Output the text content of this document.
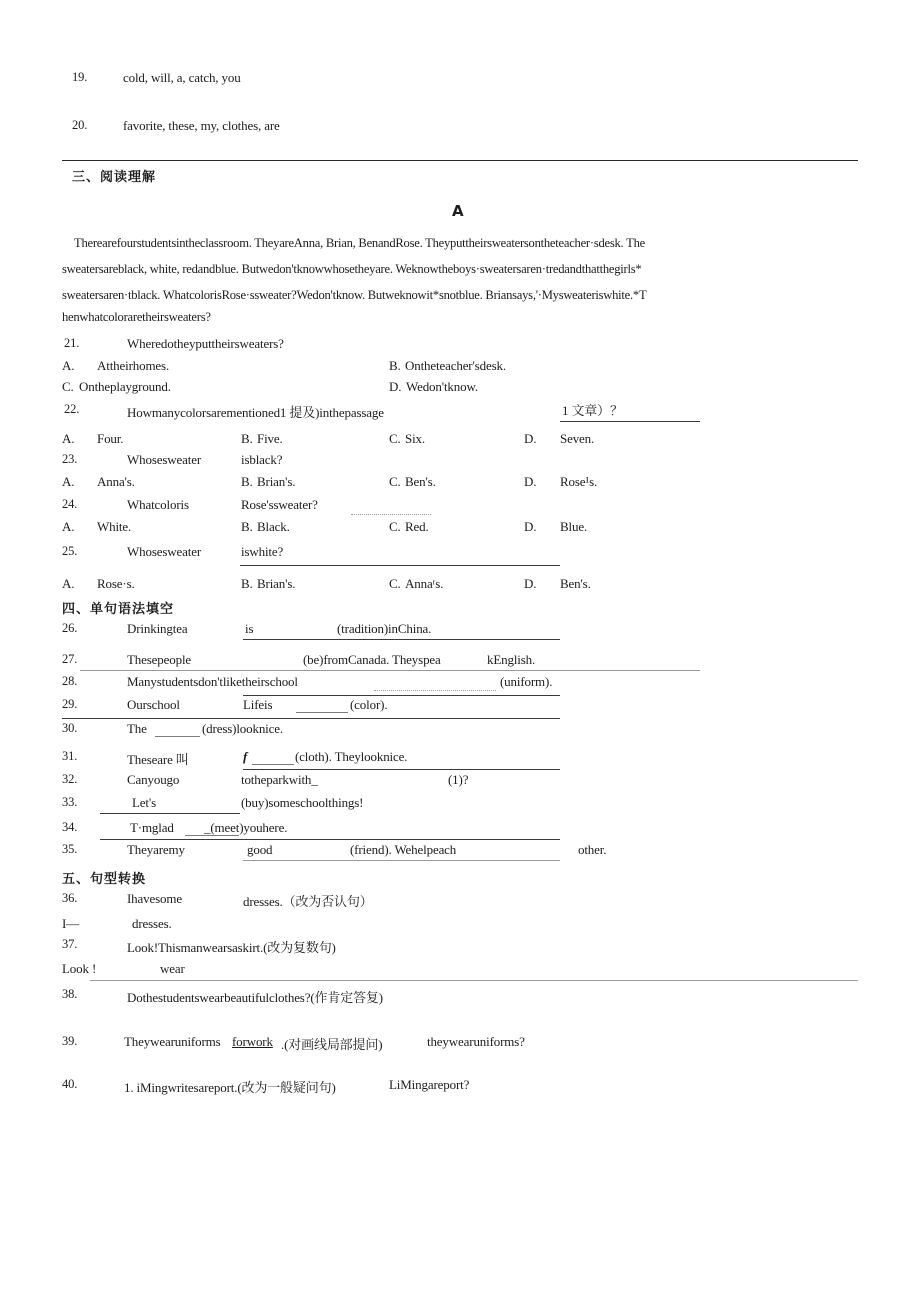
19.	cold, will, a, catch, you
20.	favorite, these, my, clothes, are
三、阅读理解
A
Therearefourstudentsintheclassroom. TheyareAnna, Brian, BenandRose. Theyputtheirsweatersontheteacher·sdesk. The
sweatersareblack, white, redandblue. Butwedon'tknowwhosetheyare. Weknowtheboys·sweatersaren·tredandthatthegirls*
sweatersaren·tblack. WhatcolorisRose·ssweater?Wedon'tknow. Butweknowit*snotblue. Briansays,'·Mysweateriswhite.*T
henwhatcoloraretheirsweaters?
21.	Wheredotheyputtheirsweaters?
A. Attheirhomes.	B. Ontheteacher'sdesk.
C. Ontheplayground.	D. Wedon'tknow.
22.	Howmanycolorsarementioned1 提及)inthepassage	1 文章）？
A. Four.	B. Five.	C. Six.	D. Seven.
23.	Whosesweater	isblack?
A. Anna's.	B. Brian's.	C. Ben's.	D. Rose¹s.
24.	Whatcoloris	Rose'ssweater?
A. White.	B. Black.	C. Red.	D. Blue.
25.	Whosesweater	iswhite?
A. Rose·s.	B. Brian's.	C. Annaʳs.	D. Ben's.
四、单句语法填空
26.	Drinkingtea	is	(tradition)inChina.
27.	Thesepeople	(be)fromCanada. Theyspea	kEnglish.
28.	Manystudentsdon'tliketheirschool	(uniform).
29.	Ourschool	Lifeis	(color).
30.	The	(dress)looknice.
31.	Theseare 叫	f	(cloth). Theylooknice.
32.	Canyougo	totheparkwith_	(1)?
33.	Let's	(buy)someschoolthings!
34.	T·mglad _(meet)youhere.
35.	Theyaremy	good	(friend). Wehelpeach	other.
五、句型转换
36.	Ihavesome	dresses.（改为否认句）
I—	dresses.
37.	Look!Thismanwearsaskirt.(改为复数句)
Look !	wear
38.	Dothestudentswearbeautifulclothes?(作肯定答复)
39.	Theywearuniforms forwork .(对画线局部提问)	theywearuniforms?
40.	1. iMingwritesareport.(改为一般疑问句)	LiMingareport?
